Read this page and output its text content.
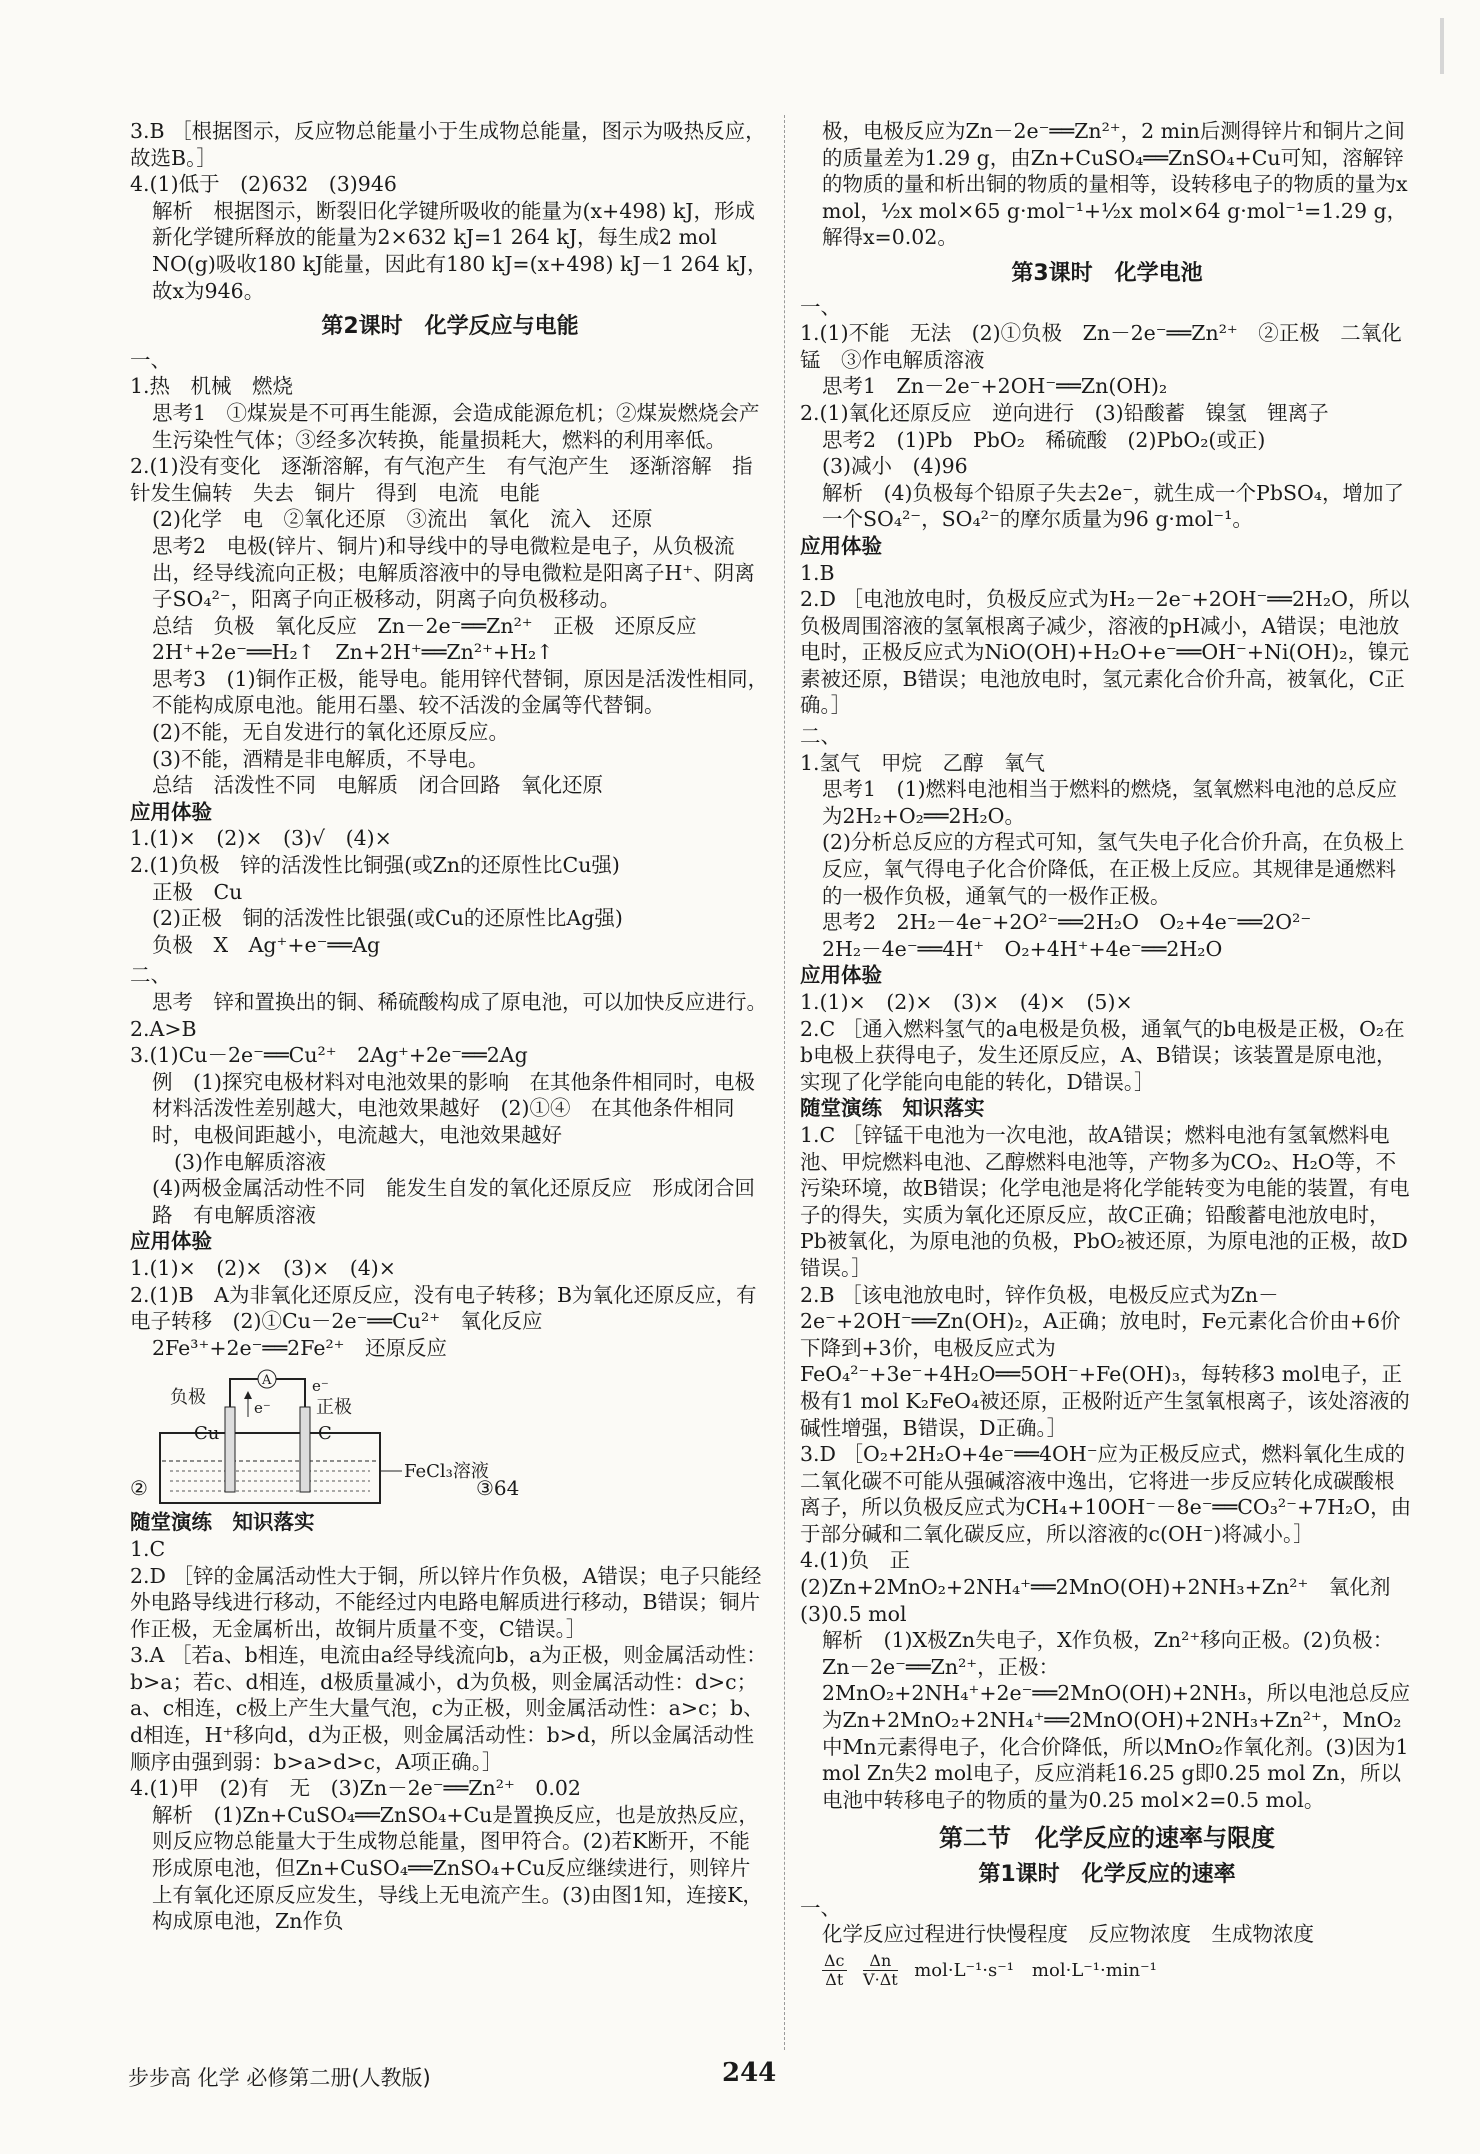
3.B ［根据图示，反应物总能量小于生成物总能量，图示为吸热反应，故选B。］
4.(1)低于　(2)632　(3)946
解析　根据图示，断裂旧化学键所吸收的能量为(x+498) kJ，形成新化学键所释放的能量为2×632 kJ=1 264 kJ，每生成2 mol NO(g)吸收180 kJ能量，因此有180 kJ=(x+498) kJ－1 264 kJ，故x为946。
第2课时　化学反应与电能
一、
1.热　机械　燃烧
思考1　①煤炭是不可再生能源，会造成能源危机；②煤炭燃烧会产生污染性气体；③经多次转换，能量损耗大，燃料的利用率低。
2.(1)没有变化　逐渐溶解，有气泡产生　有气泡产生　逐渐溶解　指针发生偏转　失去　铜片　得到　电流　电能
(2)化学　电　②氧化还原　③流出　氧化　流入　还原
思考2　电极(锌片、铜片)和导线中的导电微粒是电子，从负极流出，经导线流向正极；电解质溶液中的导电微粒是阳离子H⁺、阴离子SO₄²⁻，阳离子向正极移动，阴离子向负极移动。
总结　负极　氧化反应　Zn－2e⁻══Zn²⁺　正极　还原反应　2H⁺+2e⁻══H₂↑　Zn+2H⁺══Zn²⁺+H₂↑
思考3　(1)铜作正极，能导电。能用锌代替铜，原因是活泼性相同，不能构成原电池。能用石墨、较不活泼的金属等代替铜。
(2)不能，无自发进行的氧化还原反应。
(3)不能，酒精是非电解质，不导电。
总结　活泼性不同　电解质　闭合回路　氧化还原
应用体验
1.(1)×　(2)×　(3)√　(4)×
2.(1)负极　锌的活泼性比铜强(或Zn的还原性比Cu强)
正极　Cu
(2)正极　铜的活泼性比银强(或Cu的还原性比Ag强)
负极　X　Ag⁺+e⁻══Ag
二、
思考　锌和置换出的铜、稀硫酸构成了原电池，可以加快反应进行。
2.A>B
3.(1)Cu－2e⁻══Cu²⁺　2Ag⁺+2e⁻══2Ag
例　(1)探究电极材料对电池效果的影响　在其他条件相同时，电极材料活泼性差别越大，电池效果越好　(2)①④　在其他条件相同时，电极间距越小，电流越大，电池效果越好
(3)作电解质溶液
(4)两极金属活动性不同　能发生自发的氧化还原反应　形成闭合回路　有电解质溶液
应用体验
1.(1)×　(2)×　(3)×　(4)×
2.(1)B　A为非氧化还原反应，没有电子转移；B为氧化还原反应，有电子转移　(2)①Cu－2e⁻══Cu²⁺　氧化反应
2Fe³⁺+2e⁻══2Fe²⁺　还原反应
②
A
负极	正极
e⁻
e⁻
Cu	C
FeCl₃溶液
③64
随堂演练　知识落实
1.C
2.D ［锌的金属活动性大于铜，所以锌片作负极，A错误；电子只能经外电路导线进行移动，不能经过内电路电解质进行移动，B错误；铜片作正极，无金属析出，故铜片质量不变，C错误。］
3.A ［若a、b相连，电流由a经导线流向b，a为正极，则金属活动性：b>a；若c、d相连，d极质量减小，d为负极，则金属活动性：d>c；a、c相连，c极上产生大量气泡，c为正极，则金属活动性：a>c；b、d相连，H⁺移向d，d为正极，则金属活动性：b>d，所以金属活动性顺序由强到弱：b>a>d>c，A项正确。］
4.(1)甲　(2)有　无　(3)Zn－2e⁻══Zn²⁺　0.02
解析　(1)Zn+CuSO₄══ZnSO₄+Cu是置换反应，也是放热反应，则反应物总能量大于生成物总能量，图甲符合。(2)若K断开，不能形成原电池，但Zn+CuSO₄══ZnSO₄+Cu反应继续进行，则锌片上有氧化还原反应发生，导线上无电流产生。(3)由图1知，连接K，构成原电池，Zn作负
极，电极反应为Zn－2e⁻══Zn²⁺，2 min后测得锌片和铜片之间的质量差为1.29 g，由Zn+CuSO₄══ZnSO₄+Cu可知，溶解锌的物质的量和析出铜的物质的量相等，设转移电子的物质的量为x mol，½x mol×65 g·mol⁻¹+½x mol×64 g·mol⁻¹=1.29 g，解得x=0.02。
第3课时　化学电池
一、
1.(1)不能　无法　(2)①负极　Zn－2e⁻══Zn²⁺　②正极　二氧化锰　③作电解质溶液
思考1　Zn－2e⁻+2OH⁻══Zn(OH)₂
2.(1)氧化还原反应　逆向进行　(3)铅酸蓄　镍氢　锂离子
思考2　(1)Pb　PbO₂　稀硫酸　(2)PbO₂(或正)
(3)减小　(4)96
解析　(4)负极每个铅原子失去2e⁻，就生成一个PbSO₄，增加了一个SO₄²⁻，SO₄²⁻的摩尔质量为96 g·mol⁻¹。
应用体验
1.B
2.D ［电池放电时，负极反应式为H₂－2e⁻+2OH⁻══2H₂O，所以负极周围溶液的氢氧根离子减少，溶液的pH减小，A错误；电池放电时，正极反应式为NiO(OH)+H₂O+e⁻══OH⁻+Ni(OH)₂，镍元素被还原，B错误；电池放电时，氢元素化合价升高，被氧化，C正确。］
二、
1.氢气　甲烷　乙醇　氧气
思考1　(1)燃料电池相当于燃料的燃烧，氢氧燃料电池的总反应为2H₂+O₂══2H₂O。
(2)分析总反应的方程式可知，氢气失电子化合价升高，在负极上反应，氧气得电子化合价降低，在正极上反应。其规律是通燃料的一极作负极，通氧气的一极作正极。
思考2　2H₂－4e⁻+2O²⁻══2H₂O　O₂+4e⁻══2O²⁻
2H₂－4e⁻══4H⁺　O₂+4H⁺+4e⁻══2H₂O
应用体验
1.(1)×　(2)×　(3)×　(4)×　(5)×
2.C ［通入燃料氢气的a电极是负极，通氧气的b电极是正极，O₂在b电极上获得电子，发生还原反应，A、B错误；该装置是原电池，实现了化学能向电能的转化，D错误。］
随堂演练　知识落实
1.C ［锌锰干电池为一次电池，故A错误；燃料电池有氢氧燃料电池、甲烷燃料电池、乙醇燃料电池等，产物多为CO₂、H₂O等，不污染环境，故B错误；化学电池是将化学能转变为电能的装置，有电子的得失，实质为氧化还原反应，故C正确；铅酸蓄电池放电时，Pb被氧化，为原电池的负极，PbO₂被还原，为原电池的正极，故D错误。］
2.B ［该电池放电时，锌作负极，电极反应式为Zn－2e⁻+2OH⁻══Zn(OH)₂，A正确；放电时，Fe元素化合价由+6价下降到+3价，电极反应式为FeO₄²⁻+3e⁻+4H₂O══5OH⁻+Fe(OH)₃，每转移3 mol电子，正极有1 mol K₂FeO₄被还原，正极附近产生氢氧根离子，该处溶液的碱性增强，B错误，D正确。］
3.D ［O₂+2H₂O+4e⁻══4OH⁻应为正极反应式，燃料氧化生成的二氧化碳不可能从强碱溶液中逸出，它将进一步反应转化成碳酸根离子，所以负极反应式为CH₄+10OH⁻－8e⁻══CO₃²⁻+7H₂O，由于部分碱和二氧化碳反应，所以溶液的c(OH⁻)将减小。］
4.(1)负　正　(2)Zn+2MnO₂+2NH₄⁺══2MnO(OH)+2NH₃+Zn²⁺　氧化剂　(3)0.5 mol
解析　(1)X极Zn失电子，X作负极，Zn²⁺移向正极。(2)负极：Zn－2e⁻══Zn²⁺，正极：2MnO₂+2NH₄⁺+2e⁻══2MnO(OH)+2NH₃，所以电池总反应为Zn+2MnO₂+2NH₄⁺══2MnO(OH)+2NH₃+Zn²⁺，MnO₂中Mn元素得电子，化合价降低，所以MnO₂作氧化剂。(3)因为1 mol Zn失2 mol电子，反应消耗16.25 g即0.25 mol Zn，所以电池中转移电子的物质的量为0.25 mol×2=0.5 mol。
第二节　化学反应的速率与限度
第1课时　化学反应的速率
一、
化学反应过程进行快慢程度　反应物浓度　生成物浓度
$\frac{\Delta c}{\Delta t}$
$\frac{\Delta n}{V\cdot\Delta t} mol\cdot L^{-1}\cdot s^{-1}$　mol·L⁻¹·min⁻¹
步步高 化学 必修第二册(人教版)	244
